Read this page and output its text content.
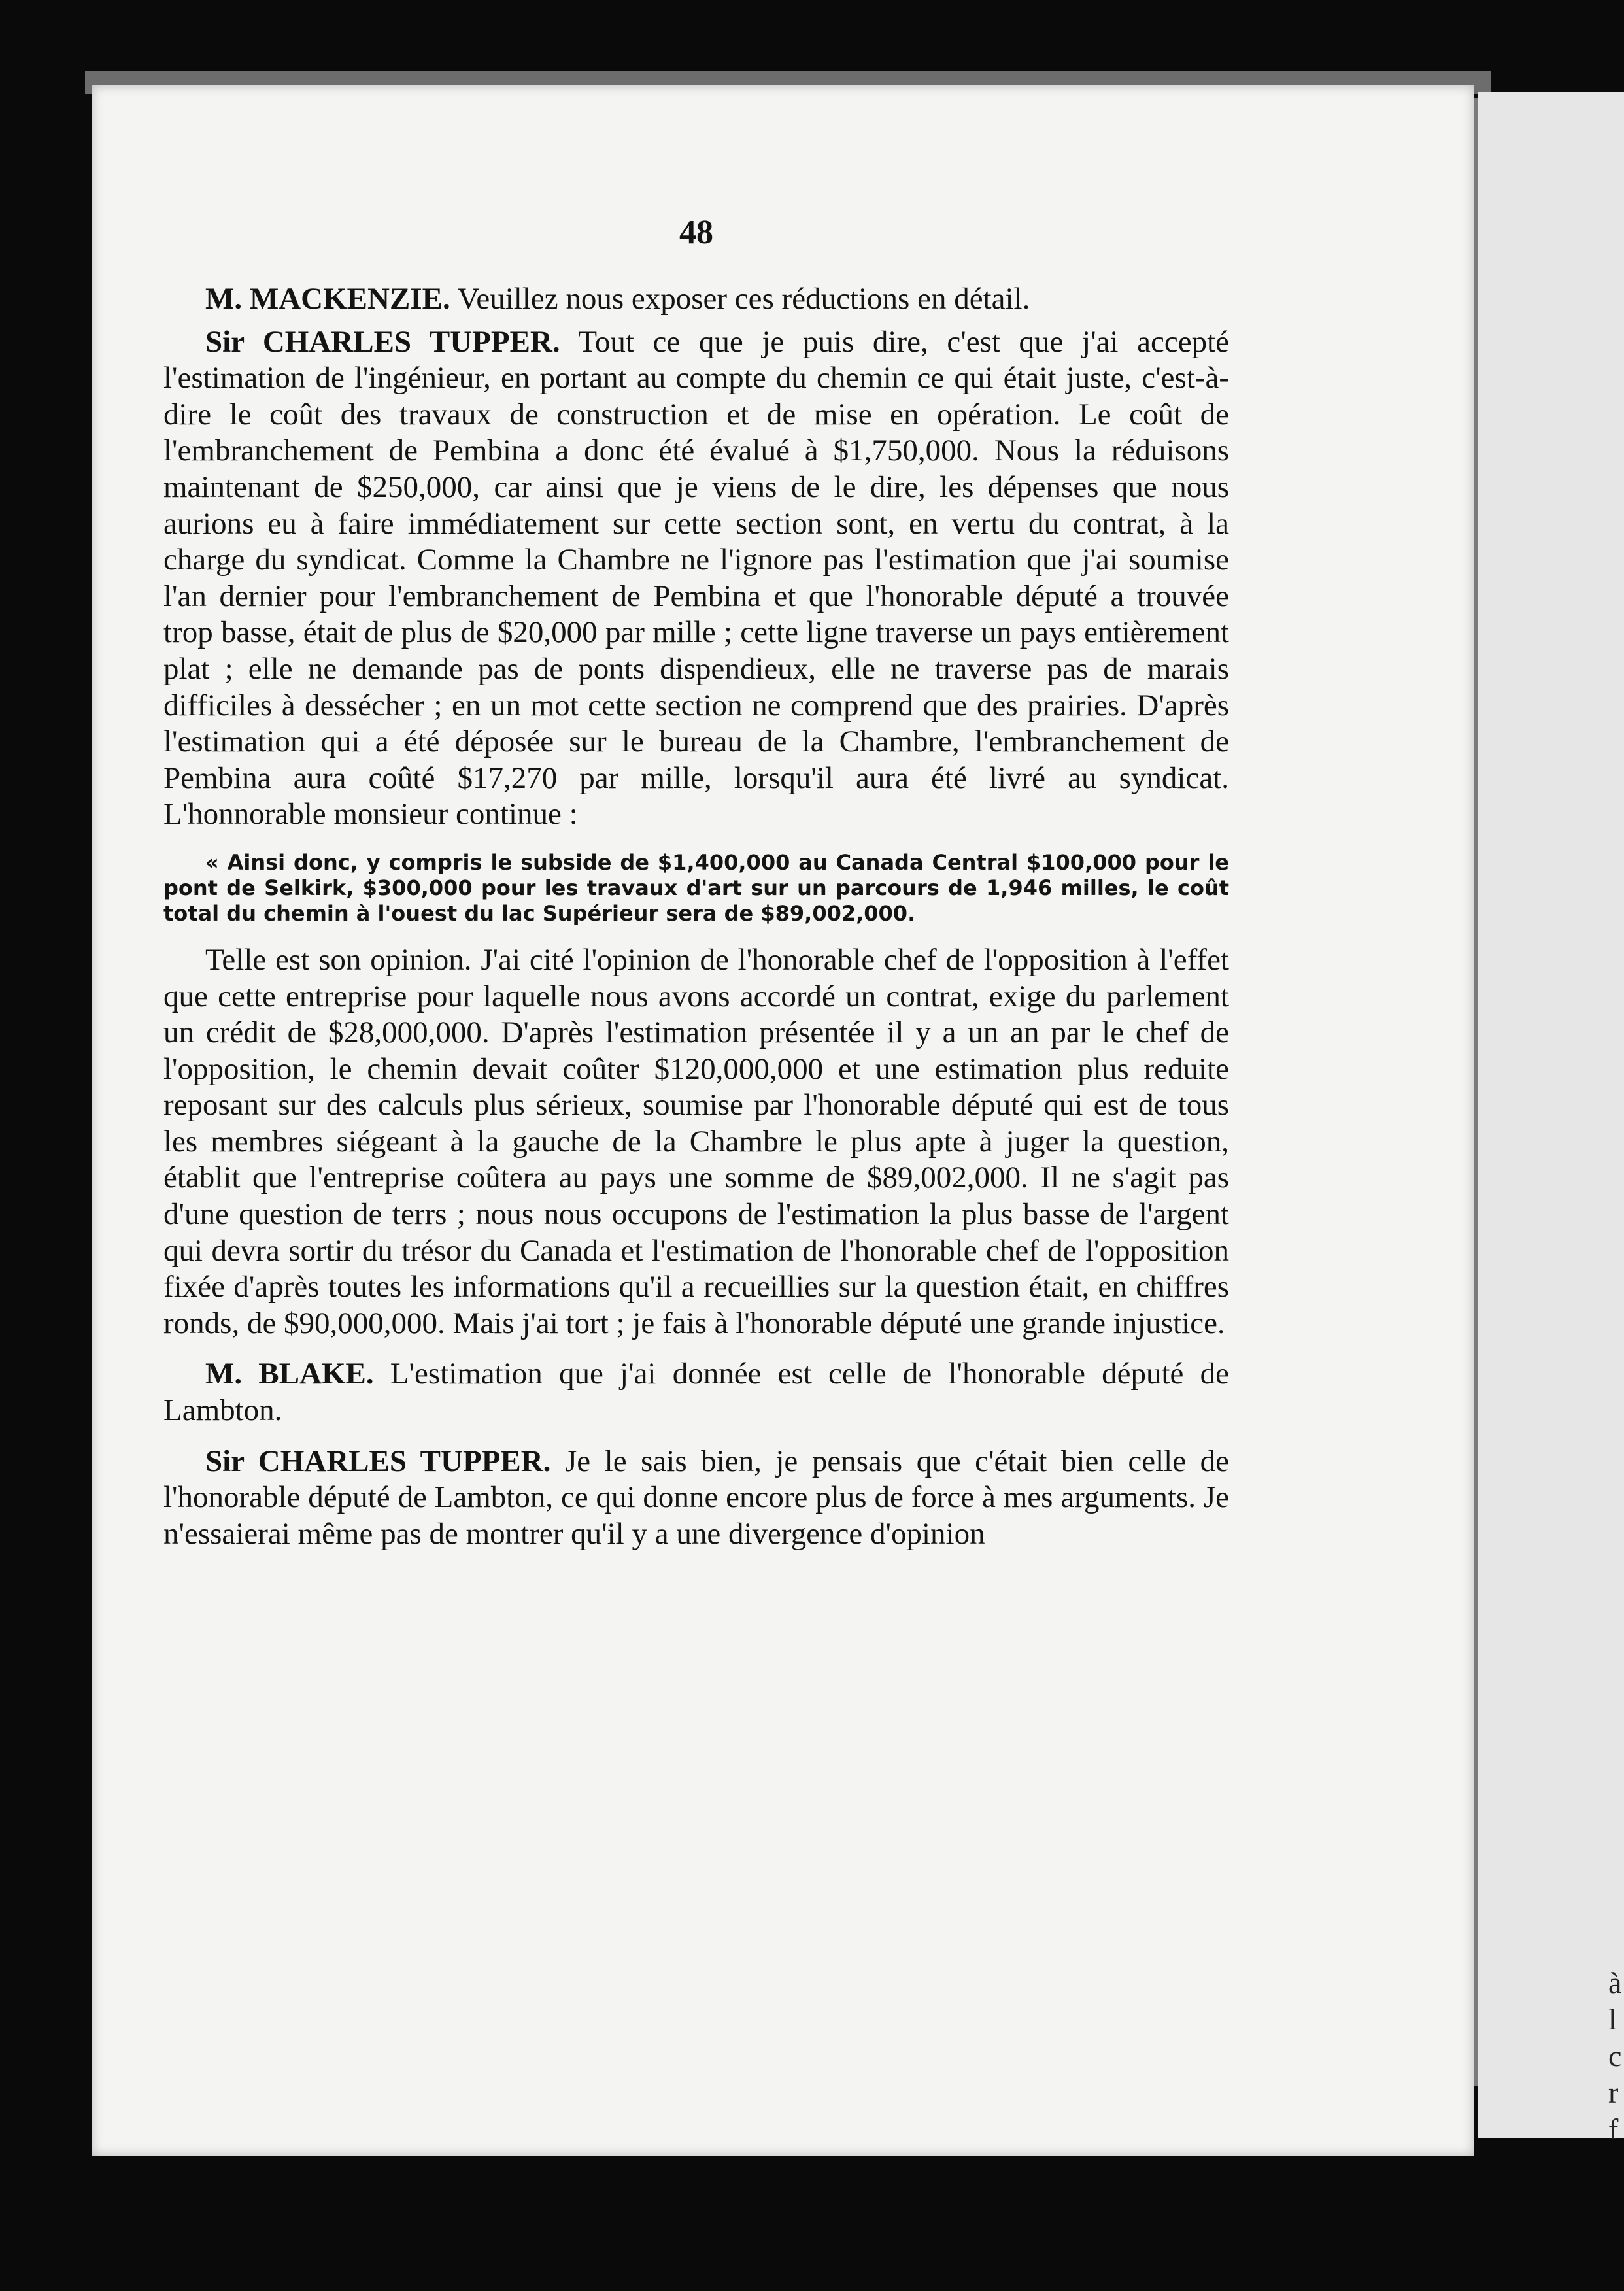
à
l
c
r
f
48

M. MACKENZIE. Veuillez nous exposer ces réductions en détail.

Sir CHARLES TUPPER. Tout ce que je puis dire, c'est que j'ai accepté l'estimation de l'ingénieur, en portant au compte du chemin ce qui était juste, c'est-à-dire le coût des travaux de construction et de mise en opération. Le coût de l'embranchement de Pembina a donc été évalué à $1,750,000. Nous la réduisons maintenant de $250,000, car ainsi que je viens de le dire, les dépenses que nous aurions eu à faire immédiatement sur cette section sont, en vertu du contrat, à la charge du syndicat. Comme la Chambre ne l'ignore pas l'estimation que j'ai soumise l'an dernier pour l'embranchement de Pembina et que l'honorable député a trouvée trop basse, était de plus de $20,000 par mille ; cette ligne traverse un pays entièrement plat ; elle ne demande pas de ponts dispendieux, elle ne traverse pas de marais difficiles à dessécher ; en un mot cette section ne comprend que des prairies. D'après l'estimation qui a été déposée sur le bureau de la Chambre, l'embranchement de Pembina aura coûté $17,270 par mille, lorsqu'il aura été livré au syndicat. L'honnorable monsieur continue :

« Ainsi donc, y compris le subside de $1,400,000 au Canada Central $100,000 pour le pont de Selkirk, $300,000 pour les travaux d'art sur un parcours de 1,946 milles, le coût total du chemin à l'ouest du lac Supérieur sera de $89,002,000.

Telle est son opinion. J'ai cité l'opinion de l'honorable chef de l'opposition à l'effet que cette entreprise pour laquelle nous avons accordé un contrat, exige du parlement un crédit de $28,000,000. D'après l'estimation présentée il y a un an par le chef de l'opposition, le chemin devait coûter $120,000,000 et une estimation plus reduite reposant sur des calculs plus sérieux, soumise par l'honorable député qui est de tous les membres siégeant à la gauche de la Chambre le plus apte à juger la question, établit que l'entreprise coûtera au pays une somme de $89,002,000. Il ne s'agit pas d'une question de terrs ; nous nous occupons de l'estimation la plus basse de l'argent qui devra sortir du trésor du Canada et l'estimation de l'honorable chef de l'opposition fixée d'après toutes les informations qu'il a recueillies sur la question était, en chiffres ronds, de $90,000,000. Mais j'ai tort ; je fais à l'honorable député une grande injustice.

M. BLAKE. L'estimation que j'ai donnée est celle de l'honorable député de Lambton.

Sir CHARLES TUPPER. Je le sais bien, je pensais que c'était bien celle de l'honorable député de Lambton, ce qui donne encore plus de force à mes arguments. Je n'essaierai même pas de montrer qu'il y a une divergence d'opinion
